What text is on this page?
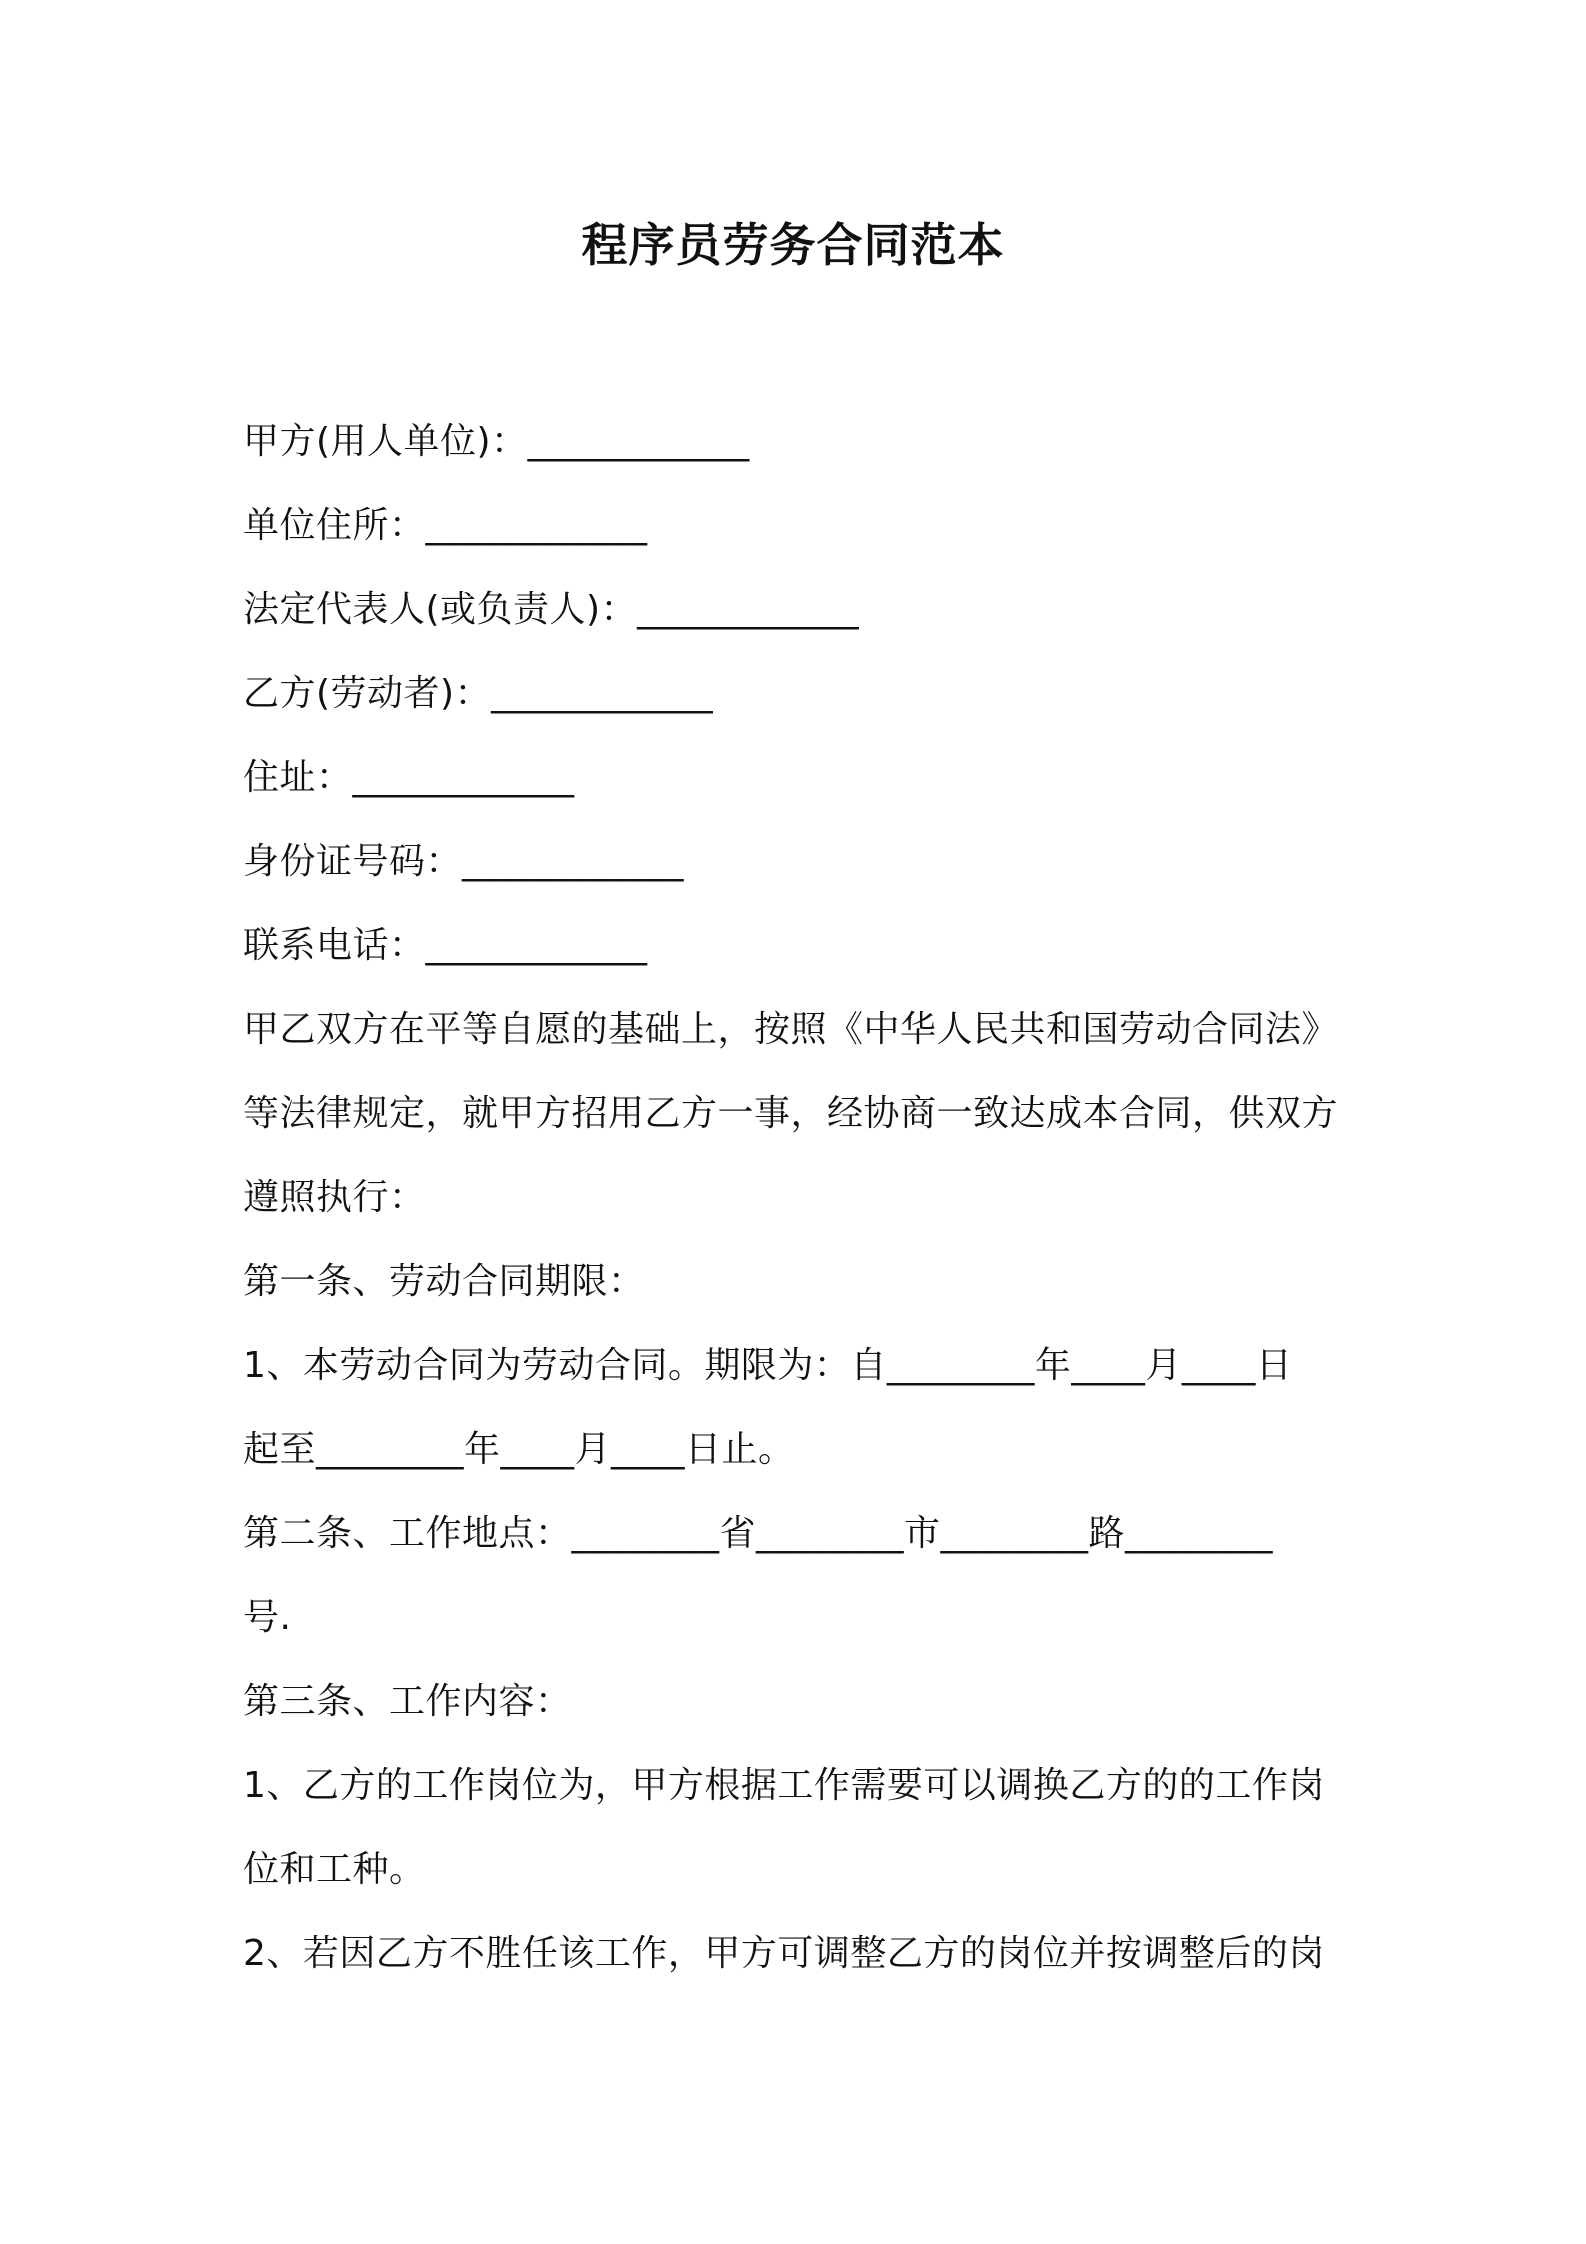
程序员劳务合同范本
甲方(用人单位)：____________
单位住所：____________
法定代表人(或负责人)：____________
乙方(劳动者)：____________
住址：____________
身份证号码：____________
联系电话：____________
甲乙双方在平等自愿的基础上，按照《中华人民共和国劳动合同法》
等法律规定，就甲方招用乙方一事，经协商一致达成本合同，供双方
遵照执行：
第一条、劳动合同期限：
1、本劳动合同为劳动合同。期限为：自________年____月____日
起至________年____月____日止。
第二条、工作地点：________省________市________路________
号.
第三条、工作内容：
1、乙方的工作岗位为，甲方根据工作需要可以调换乙方的的工作岗
位和工种。
2、若因乙方不胜任该工作，甲方可调整乙方的岗位并按调整后的岗
